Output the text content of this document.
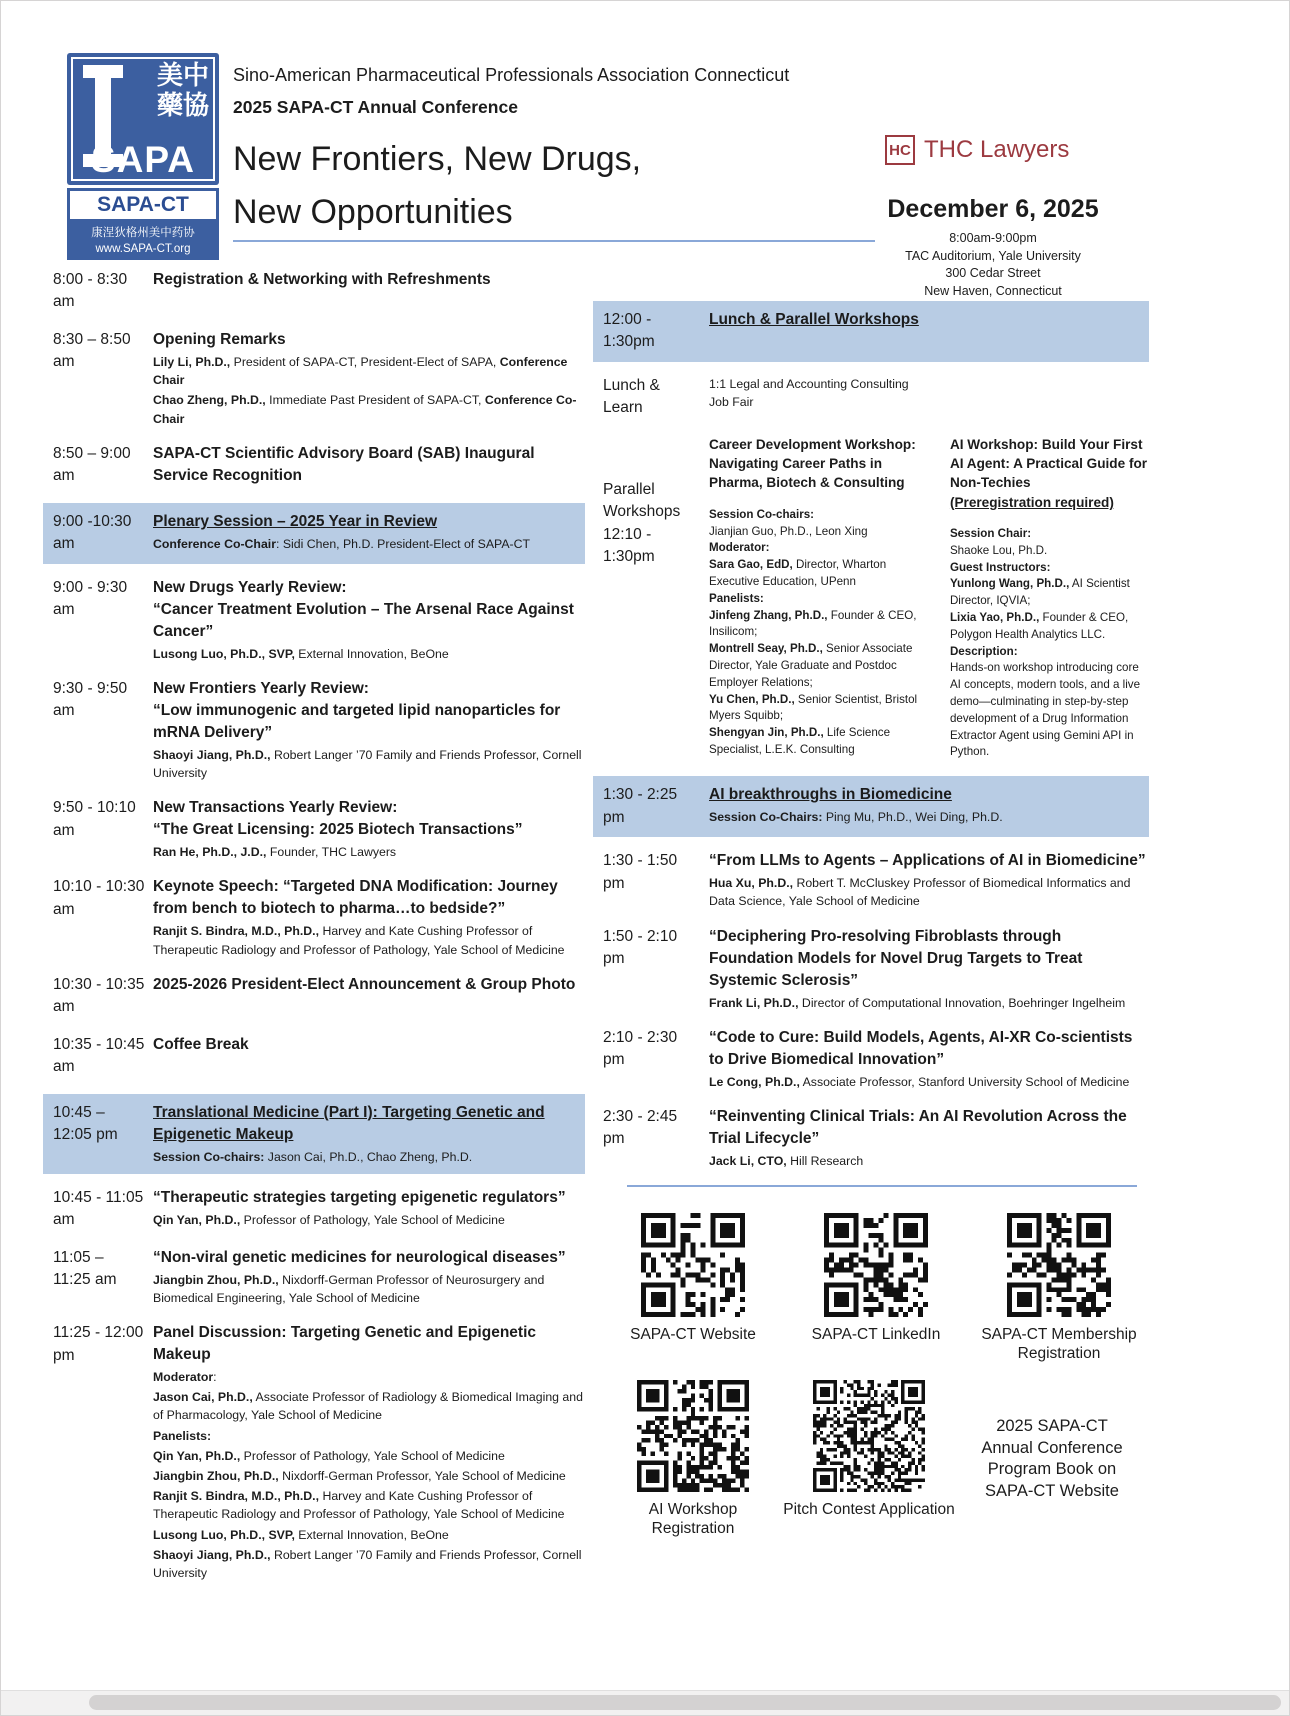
美中
藥協
SAPA
SAPA-CT
康涅狄格州美中药协
www.SAPA-CT.org
Sino-American Pharmaceutical Professionals Association Connecticut
2025 SAPA-CT Annual Conference
New Frontiers, New Drugs,
New Opportunities
HC THC Lawyers
December 6, 2025
8:00am-9:00pm
TAC Auditorium, Yale University
300 Cedar Street
New Haven, Connecticut
8:00 - 8:30 am
Registration & Networking with Refreshments
8:30 – 8:50 am
Opening Remarks
Lily Li, Ph.D., President of SAPA-CT, President-Elect of SAPA, Conference Chair
Chao Zheng, Ph.D., Immediate Past President of SAPA-CT, Conference Co-Chair
8:50 – 9:00 am
SAPA-CT Scientific Advisory Board (SAB) Inaugural Service Recognition
9:00 -10:30 am
Plenary Session – 2025 Year in Review
Conference Co-Chair: Sidi Chen, Ph.D. President-Elect of SAPA-CT
9:00 - 9:30 am
New Drugs Yearly Review:
“Cancer Treatment Evolution – The Arsenal Race Against Cancer”
Lusong Luo, Ph.D., SVP, External Innovation, BeOne
9:30 - 9:50 am
New Frontiers Yearly Review:
“Low immunogenic and targeted lipid nanoparticles for mRNA Delivery”
Shaoyi Jiang, Ph.D., Robert Langer ’70 Family and Friends Professor, Cornell University
9:50 - 10:10 am
New Transactions Yearly Review:
“The Great Licensing: 2025 Biotech Transactions”
Ran He, Ph.D., J.D., Founder, THC Lawyers
10:10 - 10:30 am
Keynote Speech: “Targeted DNA Modification: Journey from bench to biotech to pharma…to bedside?”
Ranjit S. Bindra, M.D., Ph.D., Harvey and Kate Cushing Professor of Therapeutic Radiology and Professor of Pathology, Yale School of Medicine
10:30 - 10:35 am
2025-2026 President-Elect Announcement & Group Photo
10:35 - 10:45 am
Coffee Break
10:45 – 12:05 pm
Translational Medicine (Part I): Targeting Genetic and Epigenetic Makeup
Session Co-chairs: Jason Cai, Ph.D., Chao Zheng, Ph.D.
10:45 - 11:05 am
“Therapeutic strategies targeting epigenetic regulators”
Qin Yan, Ph.D., Professor of Pathology, Yale School of Medicine
11:05 – 11:25 am
“Non-viral genetic medicines for neurological diseases”
Jiangbin Zhou, Ph.D., Nixdorff-German Professor of Neurosurgery and Biomedical Engineering, Yale School of Medicine
11:25 - 12:00 pm
Panel Discussion: Targeting Genetic and Epigenetic Makeup
Moderator:
Jason Cai, Ph.D., Associate Professor of Radiology & Biomedical Imaging and of Pharmacology, Yale School of Medicine
Panelists:
Qin Yan, Ph.D., Professor of Pathology, Yale School of Medicine
Jiangbin Zhou, Ph.D., Nixdorff-German Professor, Yale School of Medicine
Ranjit S. Bindra, M.D., Ph.D., Harvey and Kate Cushing Professor of Therapeutic Radiology and Professor of Pathology, Yale School of Medicine
Lusong Luo, Ph.D., SVP, External Innovation, BeOne
Shaoyi Jiang, Ph.D., Robert Langer ’70 Family and Friends Professor, Cornell University
12:00 - 1:30pm
Lunch & Parallel Workshops
Lunch & Learn
1:1 Legal and Accounting Consulting
Job Fair
Parallel
Workshops
12:10 -
1:30pm
Career Development Workshop: Navigating Career Paths in Pharma, Biotech & Consulting
Session Co-chairs:
Jianjian Guo, Ph.D., Leon Xing
Moderator:
Sara Gao, EdD, Director, Wharton Executive Education, UPenn
Panelists:
Jinfeng Zhang, Ph.D., Founder & CEO, Insilicom;
Montrell Seay, Ph.D., Senior Associate Director, Yale Graduate and Postdoc Employer Relations;
Yu Chen, Ph.D., Senior Scientist, Bristol Myers Squibb;
Shengyan Jin, Ph.D., Life Science Specialist, L.E.K. Consulting
AI Workshop: Build Your First AI Agent: A Practical Guide for Non-Techies
(Preregistration required)
Session Chair:
Shaoke Lou, Ph.D.
Guest Instructors:
Yunlong Wang, Ph.D., AI Scientist Director, IQVIA;
Lixia Yao, Ph.D., Founder & CEO, Polygon Health Analytics LLC.
Description:
Hands-on workshop introducing core AI concepts, modern tools, and a live demo—culminating in step-by-step development of a Drug Information Extractor Agent using Gemini API in Python.
1:30 - 2:25 pm
AI breakthroughs in Biomedicine
Session Co-Chairs: Ping Mu, Ph.D., Wei Ding, Ph.D.
1:30 - 1:50 pm
“From LLMs to Agents – Applications of AI in Biomedicine”
Hua Xu, Ph.D., Robert T. McCluskey Professor of Biomedical Informatics and Data Science, Yale School of Medicine
1:50 - 2:10 pm
“Deciphering Pro-resolving Fibroblasts through Foundation Models for Novel Drug Targets to Treat Systemic Sclerosis”
Frank Li, Ph.D., Director of Computational Innovation, Boehringer Ingelheim
2:10 - 2:30 pm
“Code to Cure: Build Models, Agents, AI-XR Co-scientists to Drive Biomedical Innovation”
Le Cong, Ph.D., Associate Professor, Stanford University School of Medicine
2:30 - 2:45 pm
“Reinventing Clinical Trials: An AI Revolution Across the Trial Lifecycle”
Jack Li, CTO, Hill Research
SAPA-CT Website	SAPA-CT LinkedIn	SAPA-CT Membership Registration
AI Workshop Registration
Pitch Contest Application
2025 SAPA-CT
Annual Conference
Program Book on
SAPA-CT Website
